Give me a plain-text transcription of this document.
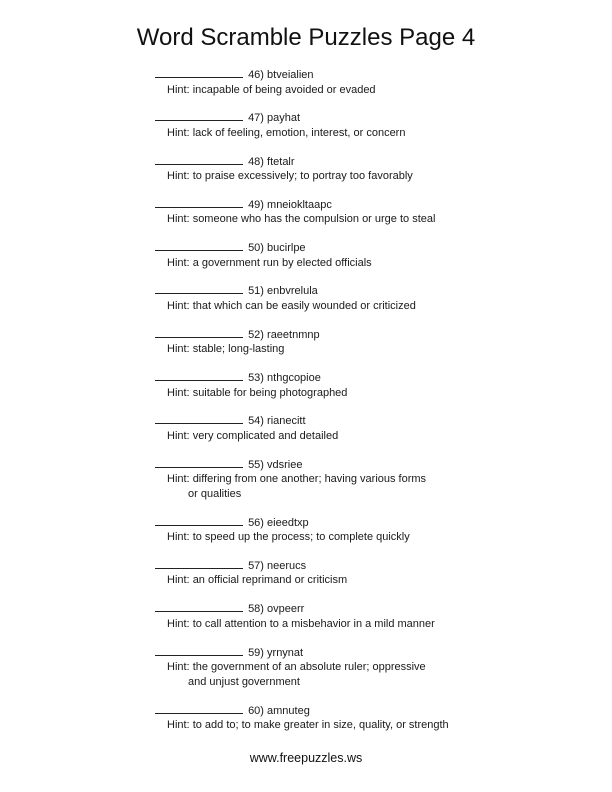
Word Scramble Puzzles Page 4
46) btveialien
Hint: incapable of being avoided or evaded
47) payhat
Hint: lack of feeling, emotion, interest, or concern
48) ftetalr
Hint: to praise excessively; to portray too favorably
49) mneiokltaapc
Hint: someone who has the compulsion or urge to steal
50) bucirlpe
Hint: a government run by elected officials
51) enbvrelula
Hint: that which can be easily wounded or criticized
52) raeetnmnp
Hint: stable; long-lasting
53) nthgcopioe
Hint: suitable for being photographed
54) rianecitt
Hint: very complicated and detailed
55) vdsriee
Hint: differing from one another; having various forms
or qualities
56) eieedtxp
Hint: to speed up the process; to complete quickly
57) neerucs
Hint: an official reprimand or criticism
58) ovpeerr
Hint: to call attention to a misbehavior in a mild manner
59) yrnynat
Hint: the government of an absolute ruler; oppressive
and unjust government
60) amnuteg
Hint: to add to; to make greater in size, quality, or strength
www.freepuzzles.ws
